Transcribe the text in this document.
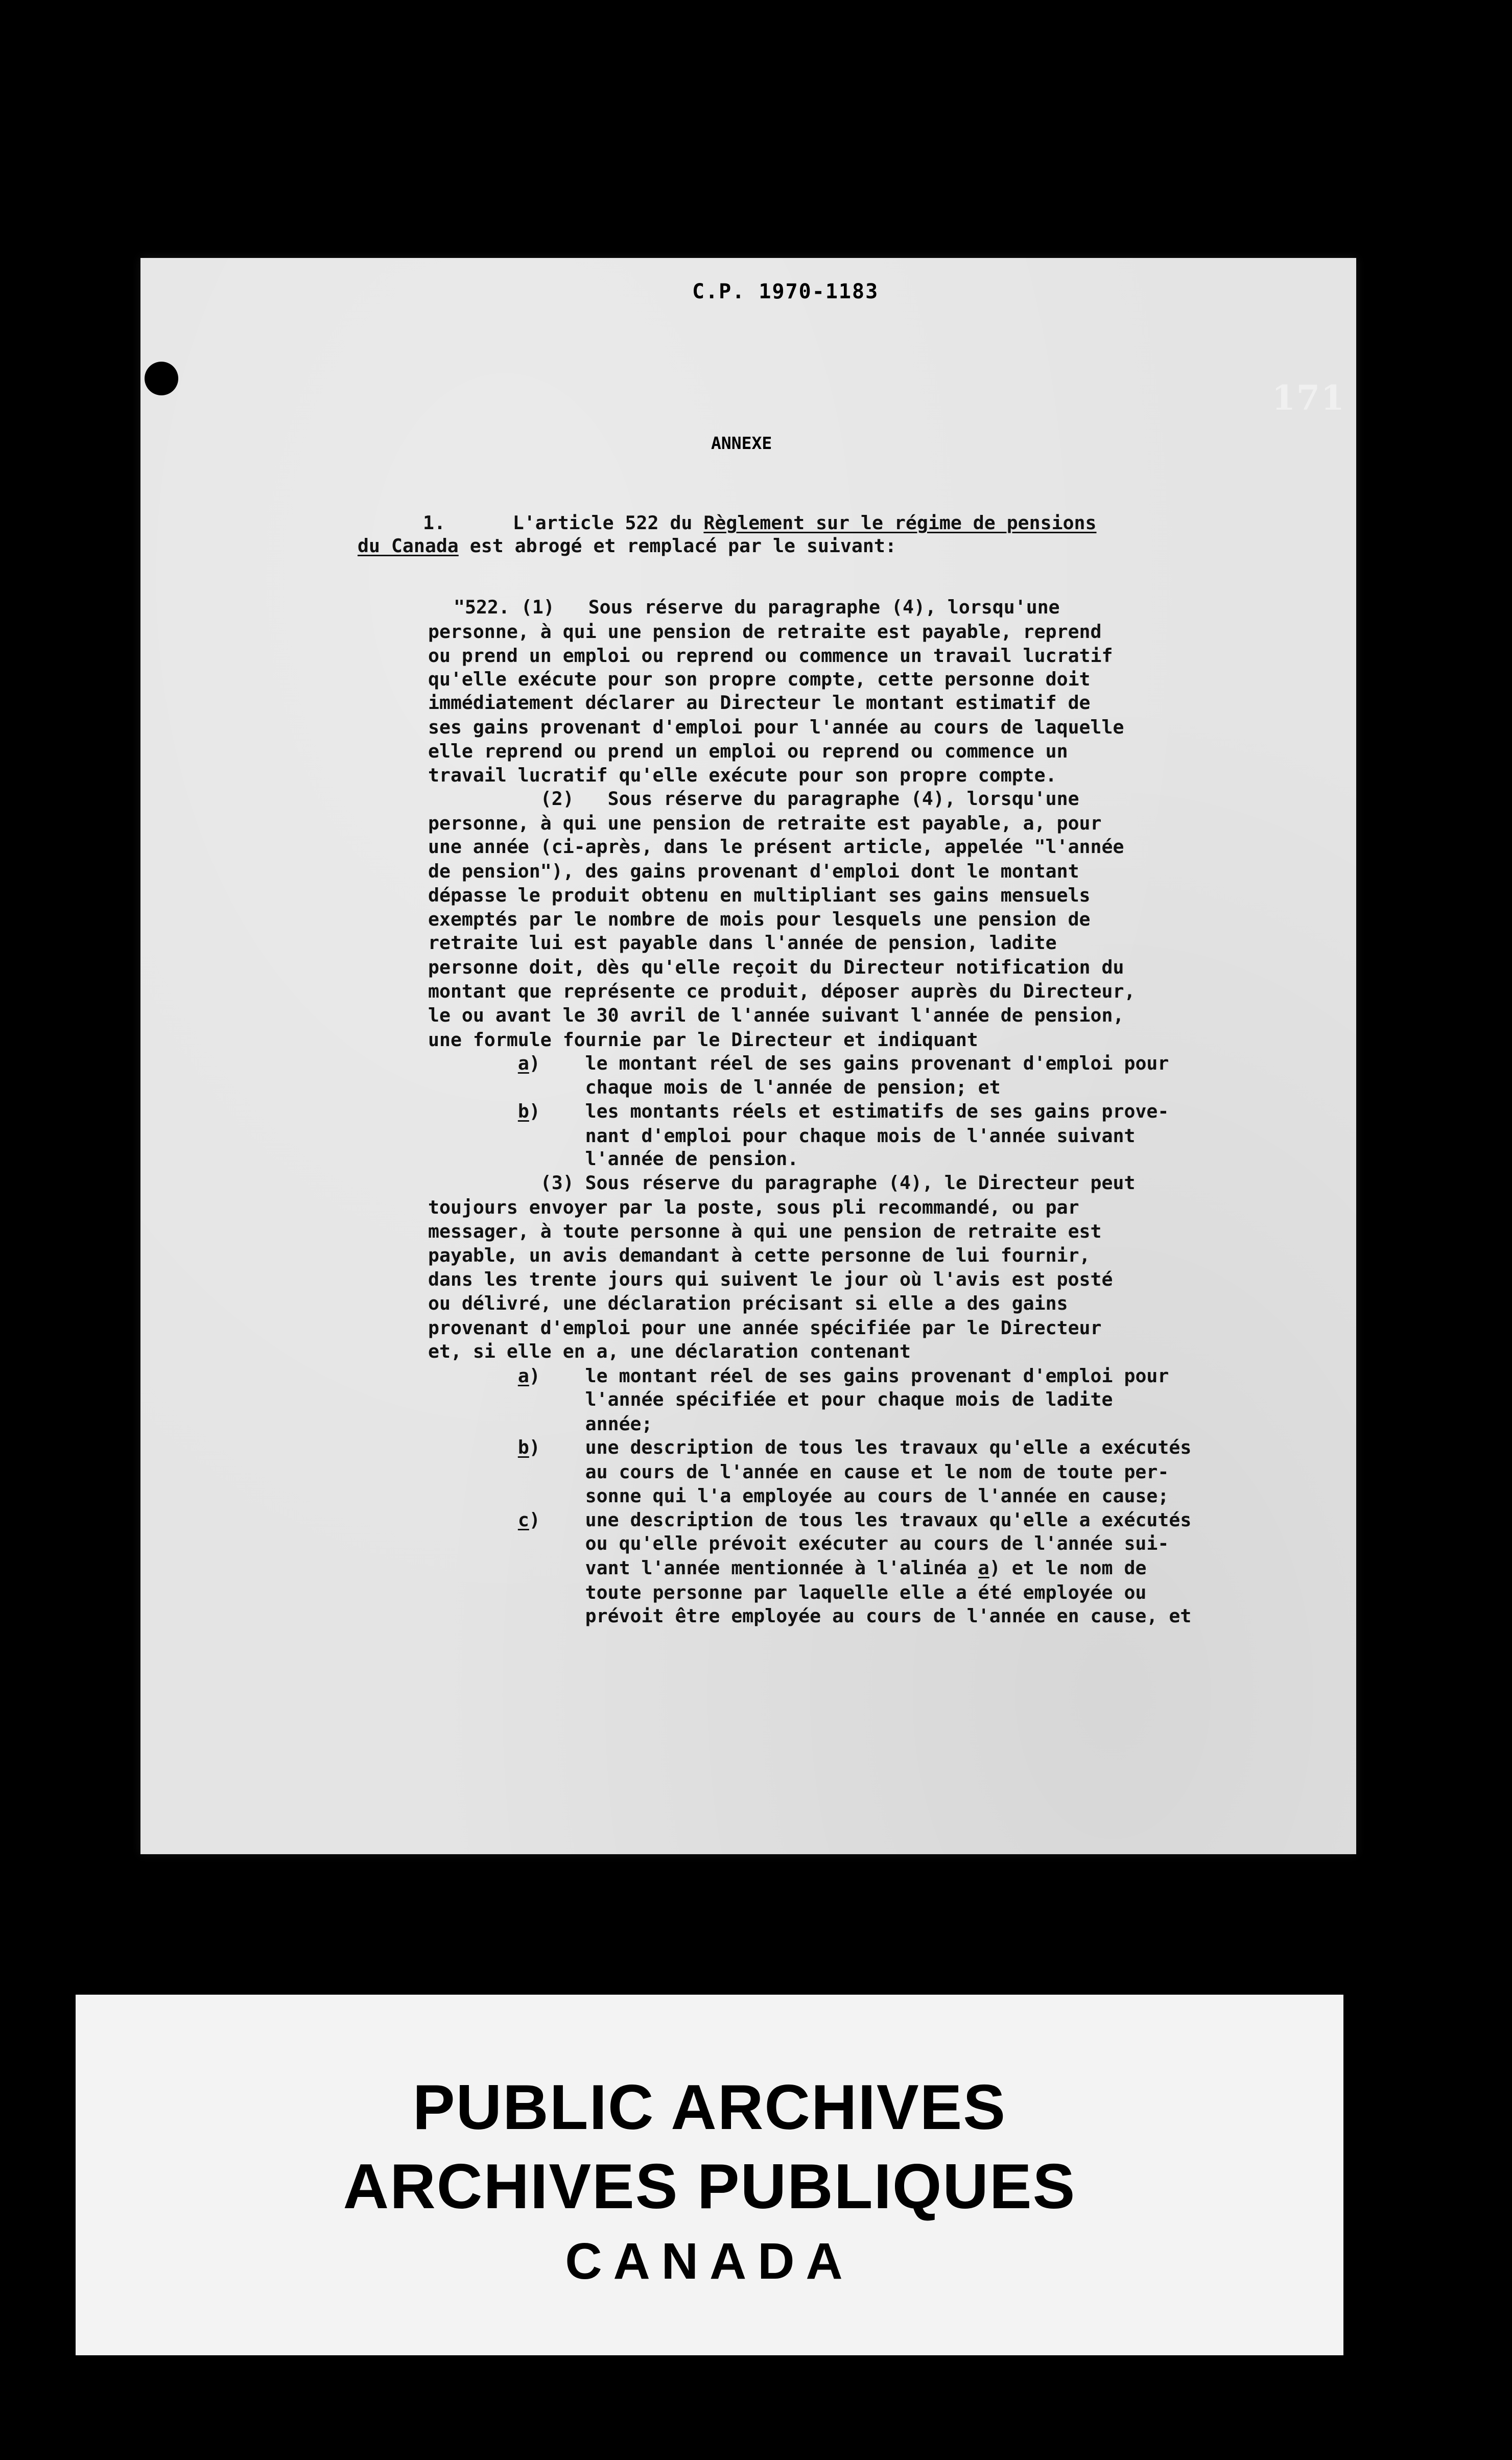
C.P. 1970-1183
171
ANNEXE
1.      L'article 522 du Règlement sur le régime de pensions
du Canada est abrogé et remplacé par le suivant:
"522. (1)   Sous réserve du paragraphe (4), lorsqu'une
personne, à qui une pension de retraite est payable, reprend
ou prend un emploi ou reprend ou commence un travail lucratif
qu'elle exécute pour son propre compte, cette personne doit
immédiatement déclarer au Directeur le montant estimatif de
ses gains provenant d'emploi pour l'année au cours de laquelle
elle reprend ou prend un emploi ou reprend ou commence un
travail lucratif qu'elle exécute pour son propre compte.
(2)   Sous réserve du paragraphe (4), lorsqu'une
personne, à qui une pension de retraite est payable, a, pour
une année (ci-après, dans le présent article, appelée "l'année
de pension"), des gains provenant d'emploi dont le montant
dépasse le produit obtenu en multipliant ses gains mensuels
exemptés par le nombre de mois pour lesquels une pension de
retraite lui est payable dans l'année de pension, ladite
personne doit, dès qu'elle reçoit du Directeur notification du
montant que représente ce produit, déposer auprès du Directeur,
le ou avant le 30 avril de l'année suivant l'année de pension,
une formule fournie par le Directeur et indiquant
a)    le montant réel de ses gains provenant d'emploi pour
chaque mois de l'année de pension; et
b)    les montants réels et estimatifs de ses gains prove-
nant d'emploi pour chaque mois de l'année suivant
l'année de pension.
(3) Sous réserve du paragraphe (4), le Directeur peut
toujours envoyer par la poste, sous pli recommandé, ou par
messager, à toute personne à qui une pension de retraite est
payable, un avis demandant à cette personne de lui fournir,
dans les trente jours qui suivent le jour où l'avis est posté
ou délivré, une déclaration précisant si elle a des gains
provenant d'emploi pour une année spécifiée par le Directeur
et, si elle en a, une déclaration contenant
a)    le montant réel de ses gains provenant d'emploi pour
l'année spécifiée et pour chaque mois de ladite
année;
b)    une description de tous les travaux qu'elle a exécutés
au cours de l'année en cause et le nom de toute per-
sonne qui l'a employée au cours de l'année en cause;
c)    une description de tous les travaux qu'elle a exécutés
ou qu'elle prévoit exécuter au cours de l'année sui-
vant l'année mentionnée à l'alinéa a) et le nom de
toute personne par laquelle elle a été employée ou
prévoit être employée au cours de l'année en cause, et
PUBLIC ARCHIVES
ARCHIVES PUBLIQUES
CANADA
